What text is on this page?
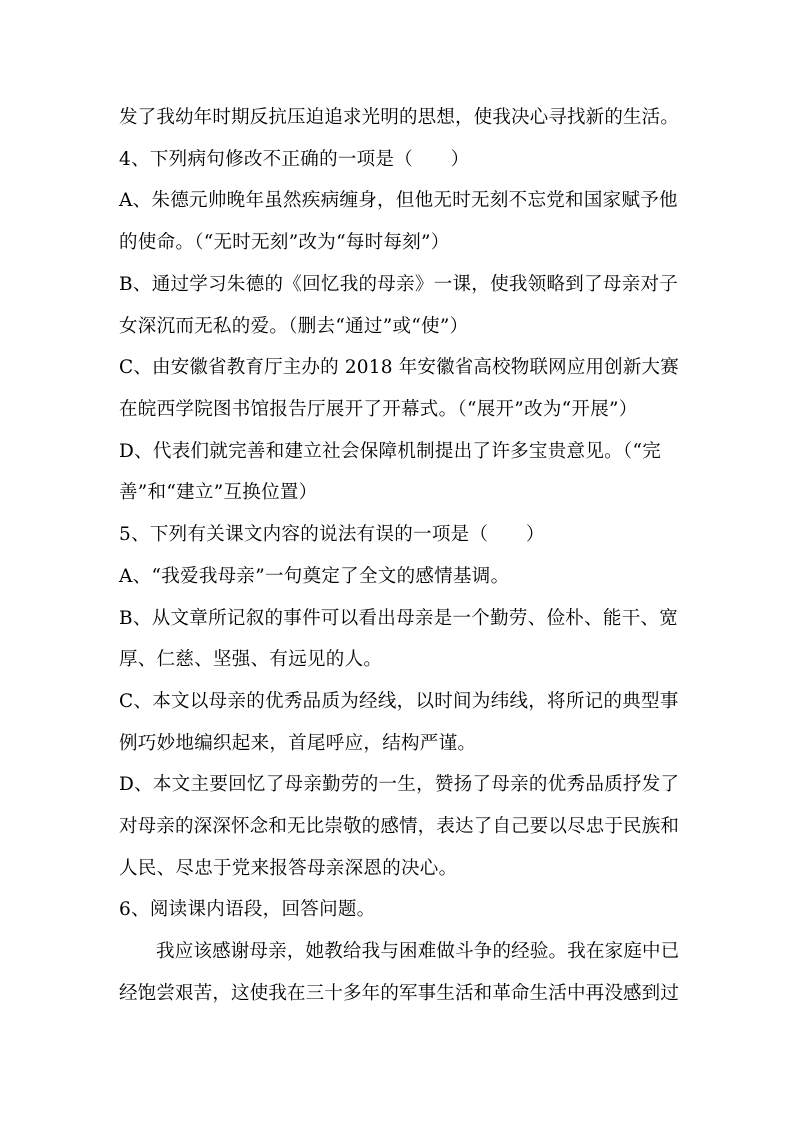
发了我幼年时期反抗压迫追求光明的思想，使我决心寻找新的生活。
4、下列病句修改不正确的一项是（　　）
A、朱德元帅晚年虽然疾病缠身，但他无时无刻不忘党和国家赋予他
的使命。（“无时无刻”改为“每时每刻”）
B、通过学习朱德的《回忆我的母亲》一课，使我领略到了母亲对子
女深沉而无私的爱。（删去“通过”或“使”）
C、由安徽省教育厅主办的 2018 年安徽省高校物联网应用创新大赛
在皖西学院图书馆报告厅展开了开幕式。（“展开”改为“开展”）
D、代表们就完善和建立社会保障机制提出了许多宝贵意见。（“完
善”和“建立”互换位置）
5、下列有关课文内容的说法有误的一项是（　　）
A、“我爱我母亲”一句奠定了全文的感情基调。
B、从文章所记叙的事件可以看出母亲是一个勤劳、俭朴、能干、宽
厚、仁慈、坚强、有远见的人。
C、本文以母亲的优秀品质为经线，以时间为纬线，将所记的典型事
例巧妙地编织起来，首尾呼应，结构严谨。
D、本文主要回忆了母亲勤劳的一生，赞扬了母亲的优秀品质抒发了
对母亲的深深怀念和无比崇敬的感情，表达了自己要以尽忠于民族和
人民、尽忠于党来报答母亲深恩的决心。
6、阅读课内语段，回答问题。
我应该感谢母亲，她教给我与困难做斗争的经验。我在家庭中已
经饱尝艰苦，这使我在三十多年的军事生活和革命生活中再没感到过
